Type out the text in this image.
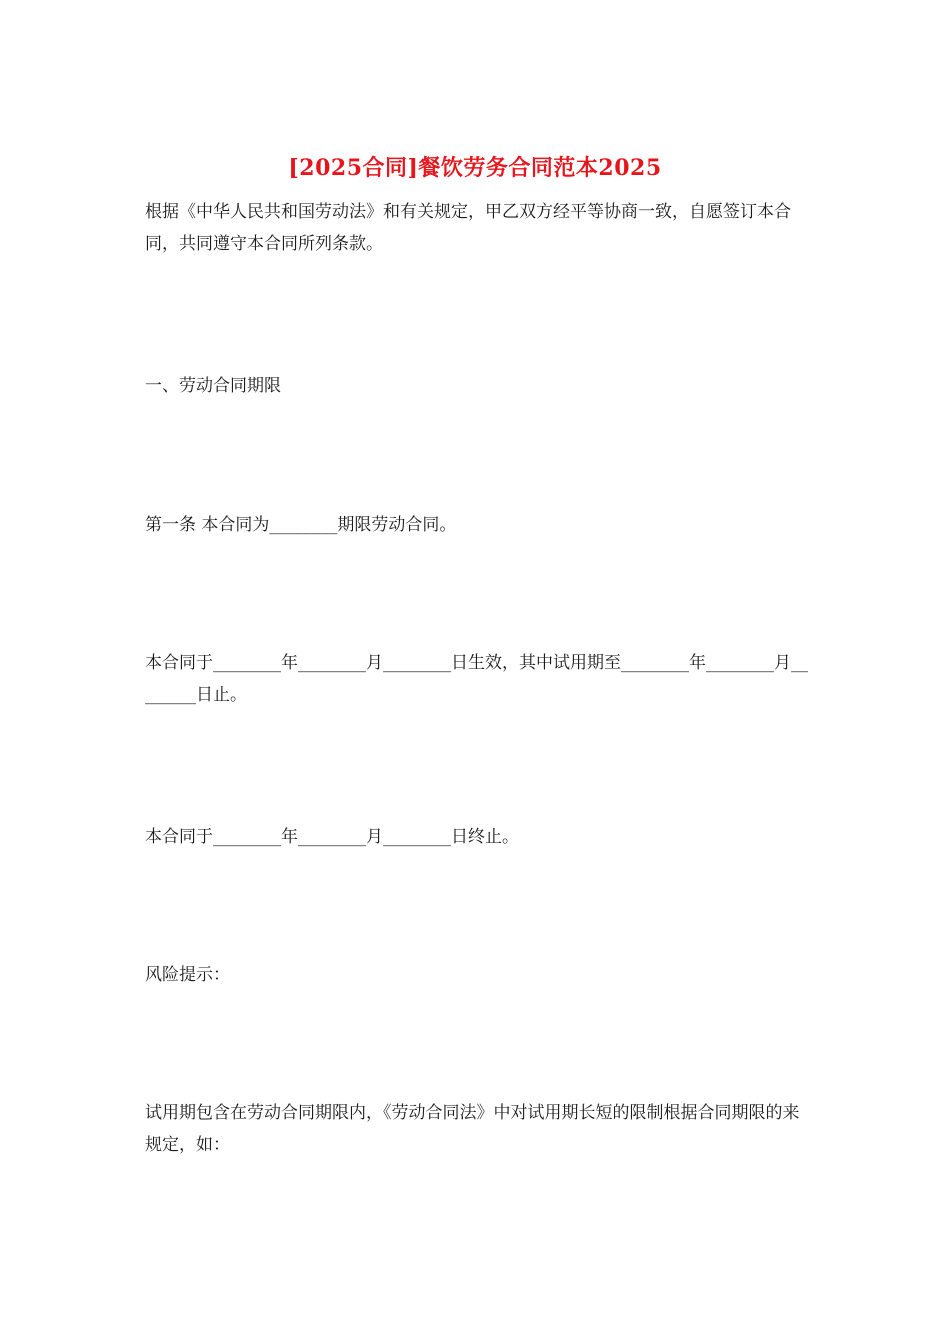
[2025合同]餐饮劳务合同范本2025

根据《中华人民共和国劳动法》和有关规定，甲乙双方经平等协商一致，自愿签订本合同，共同遵守本合同所列条款。

一、劳动合同期限

第一条 本合同为________期限劳动合同。

本合同于________年________月________日生效，其中试用期至________年________月________日止。

本合同于________年________月________日终止。

风险提示：

试用期包含在劳动合同期限内，《劳动合同法》中对试用期长短的限制根据合同期限的来规定，如：
